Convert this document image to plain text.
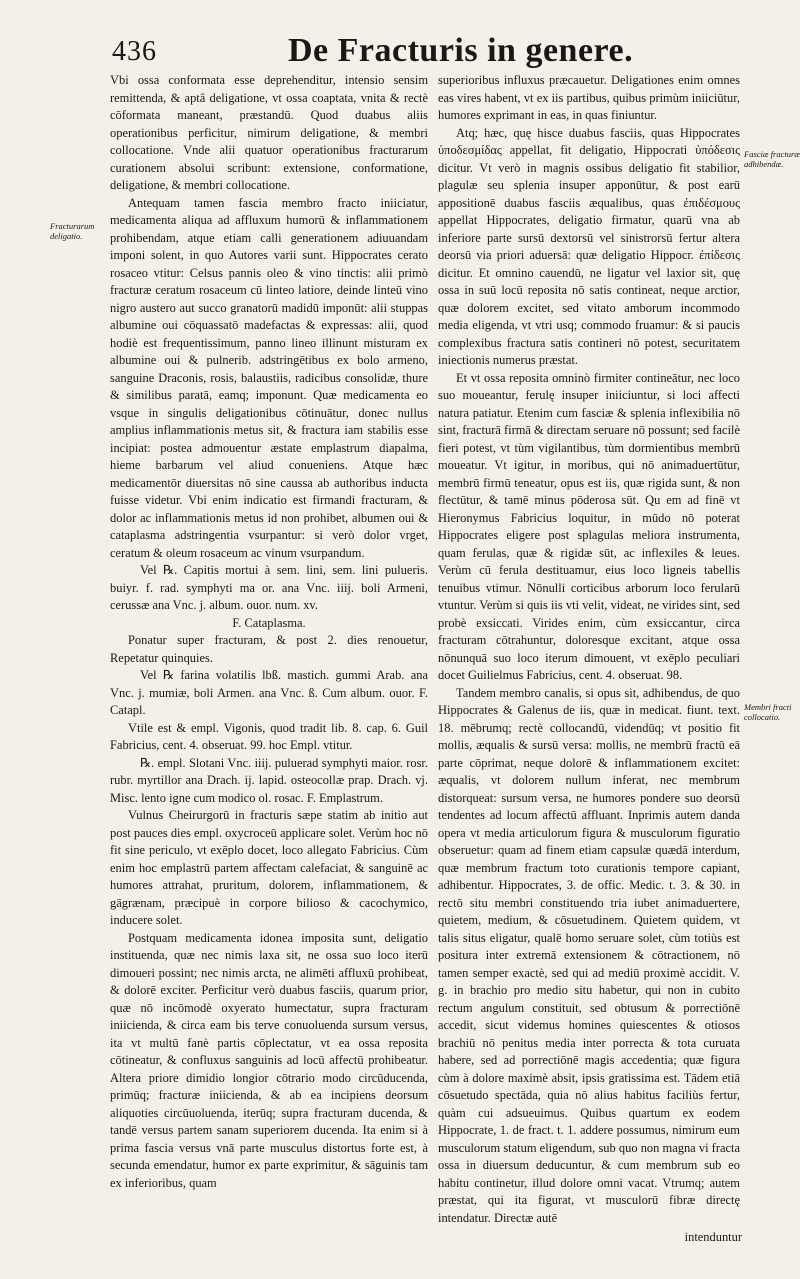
436	De Fracturis in genere.
Fracturarum deligatio.
Fasciæ fracturæ adhibendæ.
Membri fracti collocatio.

Vbi ossa conformata esse deprehenditur, intensio sensim remittenda, & aptâ deligatione, vt ossa coaptata, vnita & rectè cōformata maneant, præstandū. Quod duabus aliis operationibus perficitur, nimirum deligatione, & membri collocatione. Vnde alii quatuor operationibus fracturarum curationem absolui scribunt: extensione, conformatione, deligatione, & membri collocatione.

Antequam tamen fascia membro fracto iniiciatur, medicamenta aliqua ad affluxum humorū & inflammationem prohibendam, atque etiam calli generationem adiuuandam imponi solent, in quo Autores varii sunt. Hippocrates cerato rosaceo vtitur: Celsus pannis oleo & vino tinctis: alii primò fracturæ ceratum rosaceum cū linteo latiore, deinde linteū vino nigro austero aut succo granatorū madidū imponūt: alii stuppas albumine oui cōquassatō madefactas & expressas: alii, quod hodiè est frequentissimum, panno lineo illinunt misturam ex albumine oui & pulnerib. adstringētibus ex bolo armeno, sanguine Draconis, rosis, balaustiis, radicibus consolidæ, thure & similibus paratā, eamq; imponunt. Quæ medicamenta eo vsque in singulis deligationibus cōtinuātur, donec nullus amplius inflammationis metus sit, & fractura iam stabilis esse incipiat: postea admouentur æstate emplastrum diapalma, hieme barbarum vel aliud conueniens. Atque hæc medicamentōr diuersitas nō sine caussa ab authoribus inducta fuisse videtur. Vbi enim indicatio est firmandi fracturam, & dolor ac inflammationis metus id non prohibet, albumen oui & cataplasma adstringentia vsurpantur: si verò dolor vrget, ceratum & oleum rosaceum ac vinum vsurpandum.

Vel ℞. Capitis mortui à sem. lini, sem. lini pulueris. buiyr. f. rad. symphyti ma or. ana Vnc. iiij. boli Armeni, cerussæ ana Vnc. j. album. ouor. num. xv.

F. Cataplasma.

Ponatur super fracturam, & post 2. dies renouetur, Repetatur quinquies.

Vel ℞ farina volatilis lbß. mastich. gummi Arab. ana Vnc. j. mumiæ, boli Armen. ana Vnc. ß. Cum album. ouor. F. Catapl.

Vtile est & empl. Vigonis, quod tradit lib. 8. cap. 6. Guil Fabricius, cent. 4. obseruat. 99. hoc Empl. vtitur.

℞. empl. Slotani Vnc. iiij. puluerad symphyti maior. rosr. rubr. myrtillor ana Drach. ij. lapid. osteocollæ prap. Drach. vj. Misc. lento igne cum modico ol. rosac. F. Emplastrum.

Vulnus Cheirurgorū in fracturis sæpe statim ab initio aut post pauces dies empl. oxycroceū applicare solet. Verùm hoc nō fit sine periculo, vt exēplo docet, loco allegato Fabricius. Cùm enim hoc emplastrū partem affectam calefaciat, & sanguinē ac humores attrahat, pruritum, dolorem, inflammationem, & gāgrænam, præcipuè in corpore bilioso & cacochymico, inducere solet.

Postquam medicamenta idonea imposita sunt, deligatio instituenda, quæ nec nimis laxa sit, ne ossa suo loco iterū dimoueri possint; nec nimis arcta, ne alimēti affluxū prohibeat, & dolorē exciter. Perficitur verò duabus fasciis, quarum prior, quæ nō incōmodè oxyerato humectatur, supra fracturam iniicienda, & circa eam bis terve conuoluenda sursum versus, ita vt multū fanè partis cōplectatur, vt ea ossa reposita cōtineatur, & confluxus sanguinis ad locū affectū prohibeatur. Altera priore dimidio longior cōtrario modo circūducenda, primūq; fracturæ iniicienda, & ab ea incipiens deorsum aliquoties circūuoluenda, iterūq; supra fracturam ducenda, & tandē versus partem sanam superiorem ducenda. Ita enim si à prima fascia versus vnā parte musculus distortus forte est, à secunda emendatur, humor ex parte exprimitur, & sāguinis tam ex inferioribus, quam

superioribus influxus præcauetur. Deligationes enim omnes eas vires habent, vt ex iis partibus, quibus primùm iniiciūtur, humores exprimant in eas, in quas finiuntur.

Atq; hæc, quę hisce duabus fasciis, quas Hippocrates ὑποδεσμίδας appellat, fit deligatio, Hippocrati ὑπόδεσις dicitur. Vt verò in magnis ossibus deligatio fit stabilior, plagulæ seu splenia insuper apponūtur, & post earū appositionē duabus fasciis æqualibus, quas ἐπιδέσμους appellat Hippocrates, deligatio firmatur, quarū vna ab inferiore parte sursū dextorsū vel sinistrorsū fertur altera deorsū via priori aduersā: quæ deligatio Hippocr. ἐπίδεσις dicitur. Et omnino cauendū, ne ligatur vel laxior sit, quę ossa in suū locū reposita nō satis contineat, neque arctior, quæ dolorem excitet, sed vitato amborum incommodo media eligenda, vt vtri usq; commodo fruamur: & si paucis complexibus fractura satis contineri nō potest, securitatem iniectionis numerus præstat.

Et vt ossa reposita omninò firmiter contineātur, nec loco suo moueantur, ferulę insuper iniiciuntur, si loci affecti natura patiatur. Etenim cum fasciæ & splenia inflexibilia nō sint, fracturā firmā & directam seruare nō possunt; sed facilè fieri potest, vt tùm vigilantibus, tùm dormientibus membrū moueatur. Vt igitur, in moribus, qui nō animaduertūtur, membrū firmū teneatur, opus est iis, quæ rigida sunt, & non flectūtur, & tamē minus pōderosa sūt. Qu em ad finē vt Hieronymus Fabricius loquitur, in mūdo nō poterat Hippocrates eligere post splagulas meliora instrumenta, quam ferulas, quæ & rigidæ sūt, ac inflexiles & leues. Verùm cū ferula destituamur, eius loco ligneis tabellis tenuibus vtimur. Nōnulli corticibus arborum loco ferularū vtuntur. Verùm si quis iis vti velit, videat, ne virides sint, sed probè exsiccati. Virides enim, cùm exsiccantur, circa fracturam cōtrahuntur, doloresque excitant, atque ossa nōnunquā suo loco iterum dimouent, vt exēplo peculiari docet Guilielmus Fabricius, cent. 4. obseruat. 98.

Tandem membro canalis, si opus sit, adhibendus, de quo Hippocrates & Galenus de iis, quæ in medicat. fiunt. text. 18. mēbrumq; rectè collocandū, videndūq; vt positio fit mollis, æqualis & sursū versa: mollis, ne membrū fractū eā parte cōprimat, neque dolorē & inflammationem excitet: æqualis, vt dolorem nullum inferat, nec membrum distorqueat: sursum versa, ne humores pondere suo deorsū tendentes ad locum affectū affluant. Inprimis autem danda opera vt media articulorum figura & musculorum figuratio obseruetur: quam ad finem etiam capsulæ quædā interdum, quæ membrum fractum toto curationis tempore capiant, adhibentur. Hippocrates, 3. de offic. Medic. t. 3. & 30. in rectō situ membri constituendo tria iubet animaduertere, quietem, medium, & cōsuetudinem. Quietem quidem, vt talis situs eligatur, qualē homo seruare solet, cùm totiùs est positura inter extremā extensionem & cōtractionem, nō tamen semper exactè, sed qui ad mediū proximè accidit. V. g. in brachio pro medio situ habetur, qui non in cubito rectum angulum constituit, sed obtusum & porrectiōnē accedit, sicut videmus homines quiescentes & otiosos brachiū nō penitus media inter porrecta & tota curuata habere, sed ad porrectiōnē magis accedentia; quæ figura cùm à dolore maximè absit, ipsis gratissima est. Tādem etiā cōsuetudo spectāda, quia nō alius habitus faciliùs fertur, quàm cui adsueuimus. Quibus quartum ex eodem Hippocrate, 1. de fract. t. 1. addere possumus, nimirum eum musculorum statum eligendum, sub quo non magna vi fracta ossa in diuersum deducuntur, & cum membrum sub eo habitu continetur, illud dolore omni vacat. Vtrumq; autem præstat, qui ita figurat, vt musculorū fibræ directę intendatur. Directæ autē

intenduntur
